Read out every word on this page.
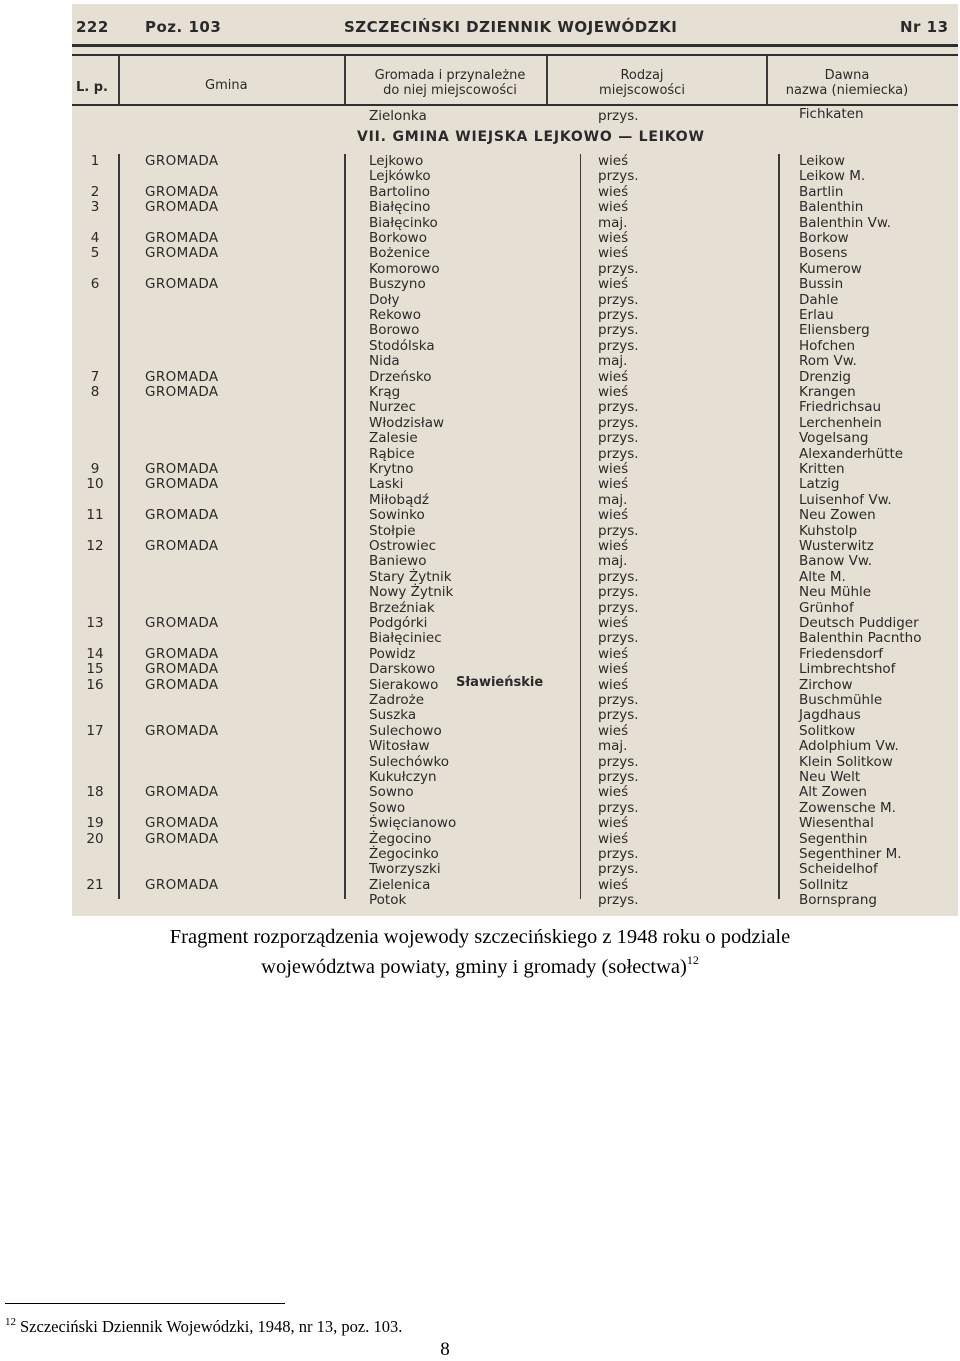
222 Poz. 103	SZCZECIŃSKI DZIENNIK WOJEWÓDZKI	Nr 13
L. p.	Gmina
Gromada i przynależne
do niej miejscowości
Rodzaj
miejscowości
Dawna
nazwa (niemiecka)
Zielonka	przys.	Fichkaten
VII. GMINA WIEJSKA LEJKOWO — LEIKOW
1	GROMADA	Lejkowo	wieś	Leikow
Lejkówko	przys.	Leikow M.
2	GROMADA	Bartolino	wieś	Bartlin
3	GROMADA	Białęcino	wieś	Balenthin
Białęcinko	maj.	Balenthin Vw.
4	GROMADA	Borkowo	wieś	Borkow
5	GROMADA	Bożenice	wieś	Bosens
Komorowo	przys.	Kumerow
6	GROMADA	Buszyno	wieś	Bussin
Doły	przys.	Dahle
Rekowo	przys.	Erlau
Borowo	przys.	Eliensberg
Stodólska	przys.	Hofchen
Nida	maj.	Rom Vw.
7	GROMADA	Drzeńsko	wieś	Drenzig
8	GROMADA	Krąg	wieś	Krangen
Nurzec	przys.	Friedrichsau
Włodzisław	przys.	Lerchenhein
Zalesie	przys.	Vogelsang
Rąbice	przys.	Alexanderhütte
9	GROMADA	Krytno	wieś	Kritten
10	GROMADA	Laski	wieś	Latzig
Miłobądź	maj.	Luisenhof Vw.
11	GROMADA	Sowinko	wieś	Neu Zowen
Stołpie	przys.	Kuhstolp
12	GROMADA	Ostrowiec	wieś	Wusterwitz
Baniewo	maj.	Banow Vw.
Stary Żytnik	przys.	Alte M.
Nowy Żytnik	przys.	Neu Mühle
Brzeźniak	przys.	Grünhof
13	GROMADA	Podgórki	wieś	Deutsch Puddiger
Białęciniec	przys.	Balenthin Pacntho
14	GROMADA	Powidz	wieś	Friedensdorf
15	GROMADA	Darskowo	wieś	Limbrechtshof
16	GROMADA	Sierakowo	wieś	Zirchow
Zadroże	przys.	Buschmühle
Suszka	przys.	Jagdhaus
17	GROMADA	Sulechowo	wieś	Solitkow
Witosław	maj.	Adolphium Vw.
Sulechówko	przys.	Klein Solitkow
Kukułczyn	przys.	Neu Welt
18	GROMADA	Sowno	wieś	Alt Zowen
Sowo	przys.	Zowensche M.
19	GROMADA	Święcianowo	wieś	Wiesenthal
20	GROMADA	Żegocino	wieś	Segenthin
Żegocinko	przys.	Segenthiner M.
Tworzyszki	przys.	Scheidelhof
21	GROMADA	Zielenica	wieś	Sollnitz
Potok	przys.	Bornsprang
Sławieńskie
Fragment rozporządzenia wojewody szczecińskiego z 1948 roku o podziale
województwa powiaty, gminy i gromady (sołectwa)$^{12}$
$^{12}$ Szczeciński Dziennik Wojewódzki, 1948, nr 13, poz. 103.
8
